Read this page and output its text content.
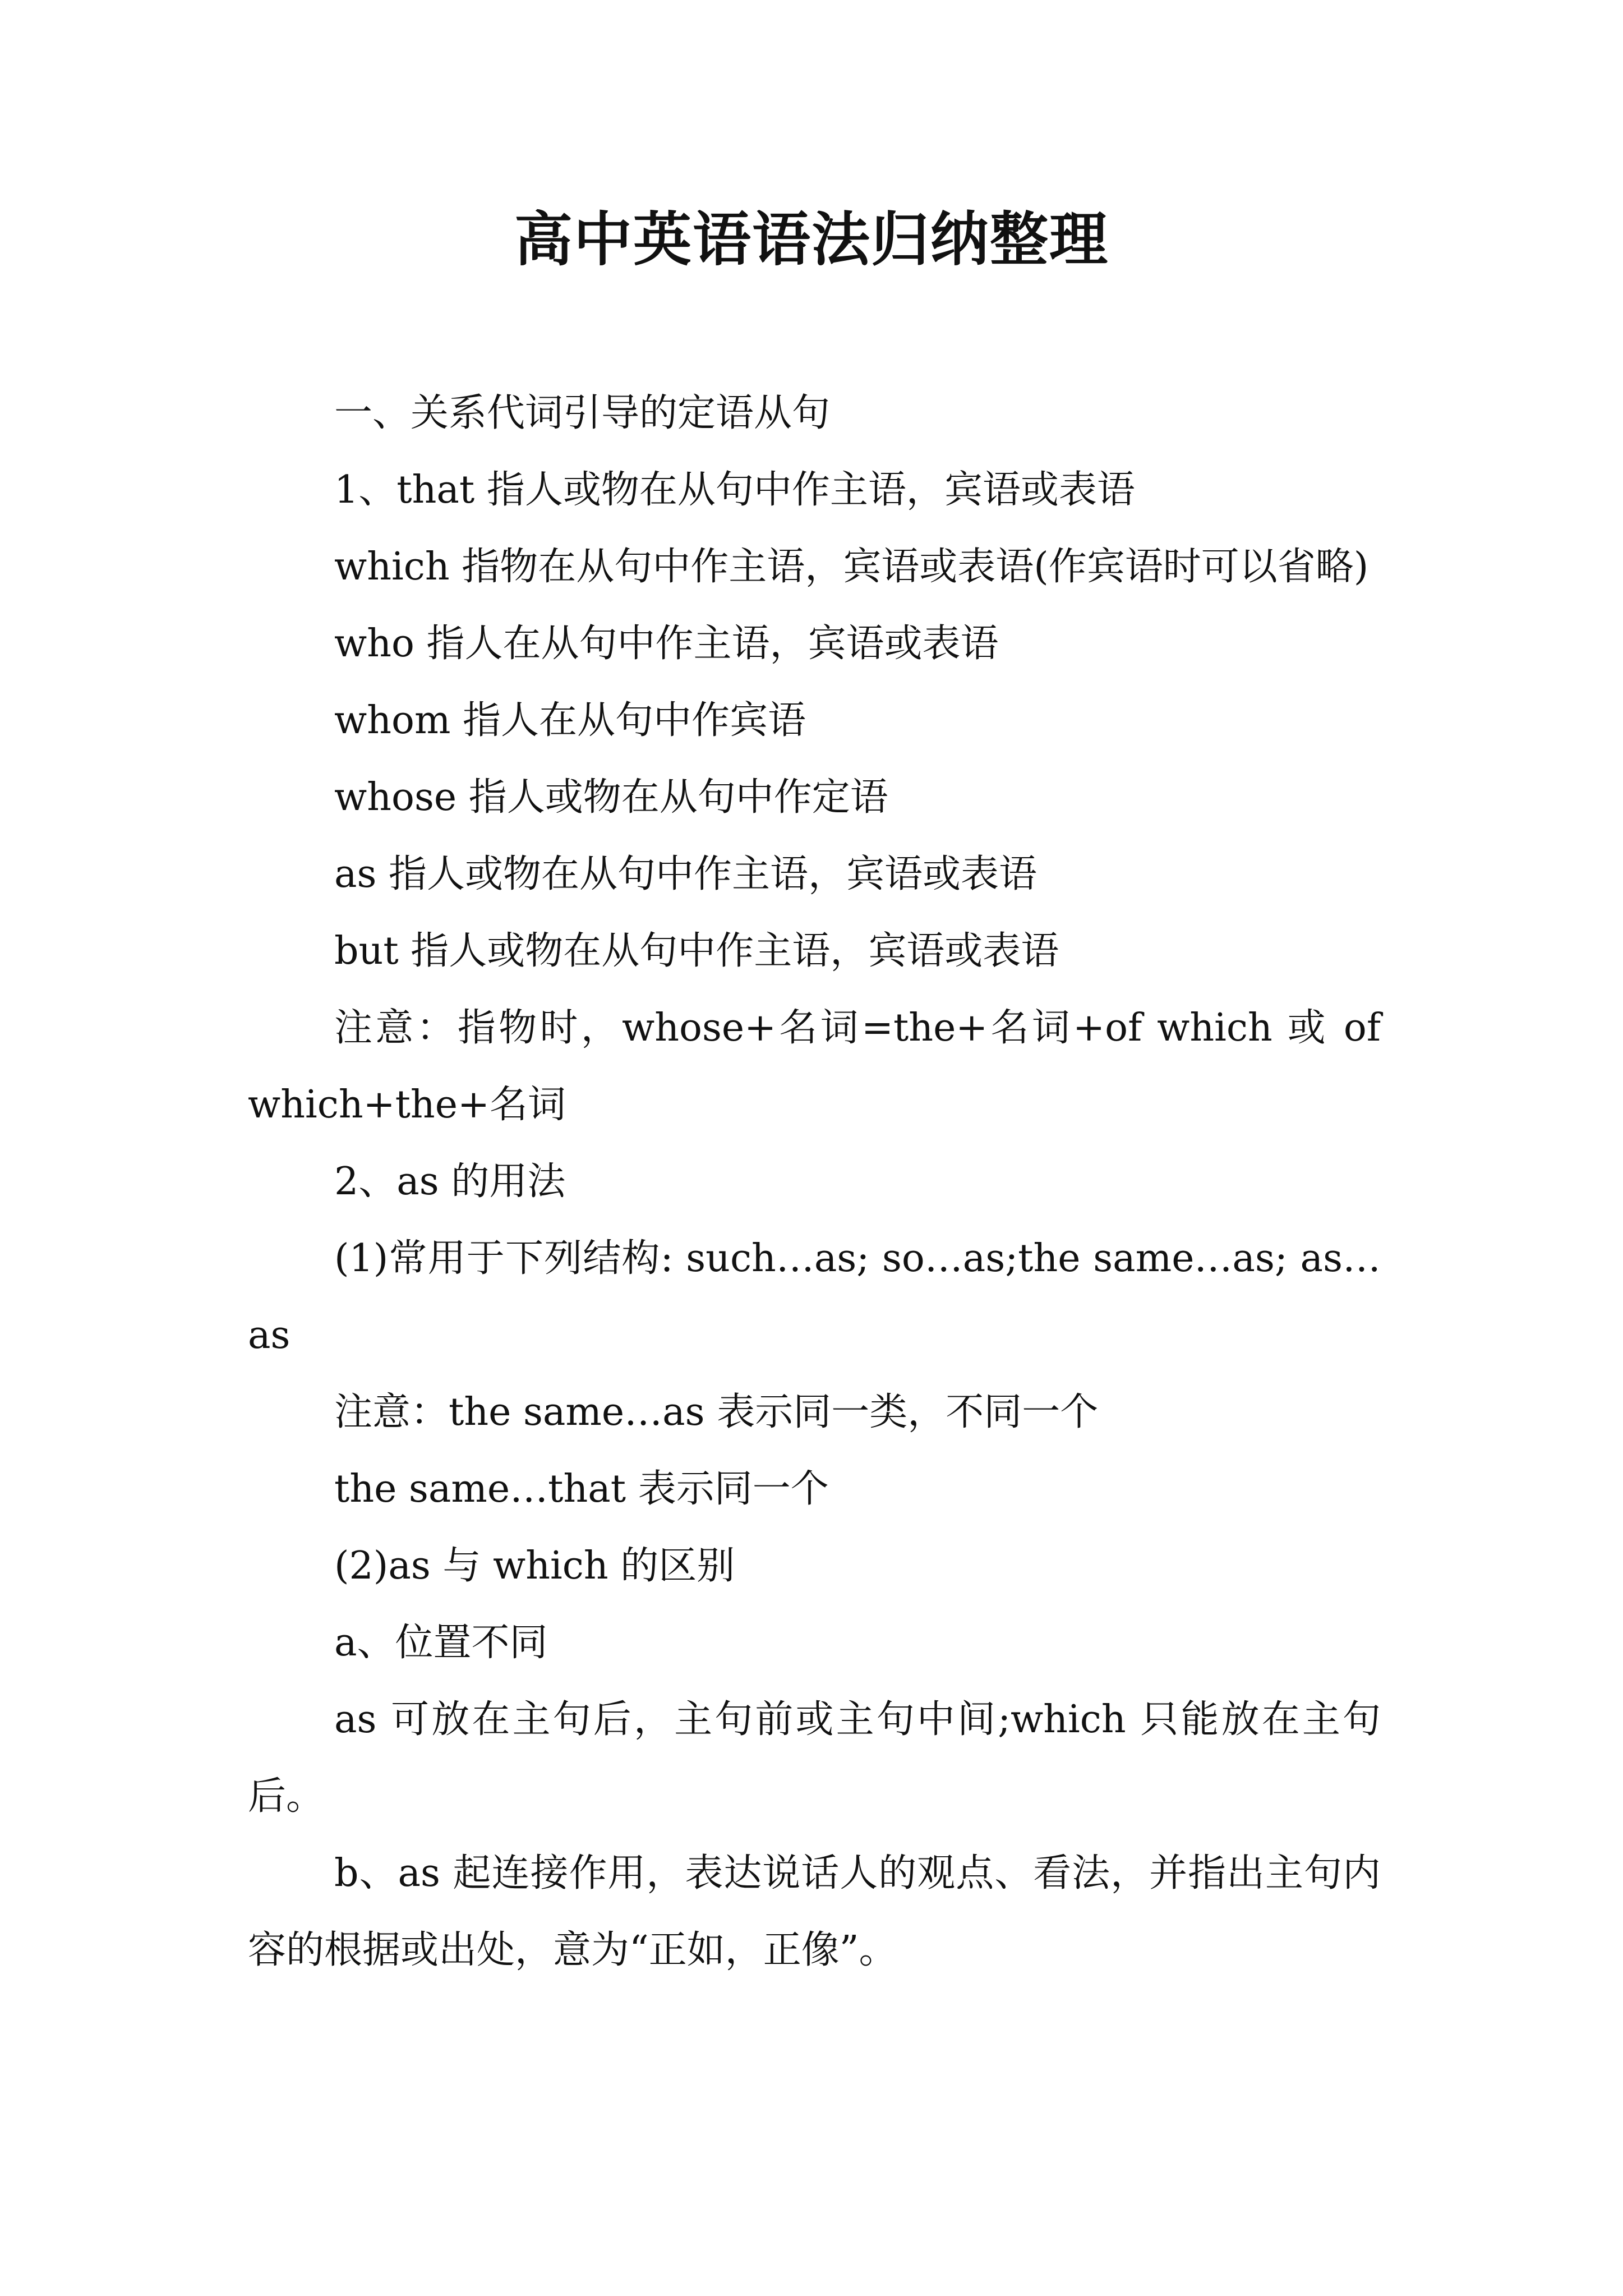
高中英语语法归纳整理

一、关系代词引导的定语从句

1、that 指人或物在从句中作主语，宾语或表语

which 指物在从句中作主语，宾语或表语(作宾语时可以省略)

who 指人在从句中作主语，宾语或表语

whom 指人在从句中作宾语

whose 指人或物在从句中作定语

as 指人或物在从句中作主语，宾语或表语

but 指人或物在从句中作主语，宾语或表语

注意：指物时，whose+名词=the+名词+of which 或 of which+the+名词

2、as 的用法

(1)常用于下列结构: such…as; so…as;the same…as; as…as

注意：the same…as 表示同一类，不同一个

the same…that 表示同一个

(2)as 与 which 的区别

a、位置不同

as 可放在主句后，主句前或主句中间;which 只能放在主句后。

b、as 起连接作用，表达说话人的观点、看法，并指出主句内容的根据或出处，意为“正如，正像”。
